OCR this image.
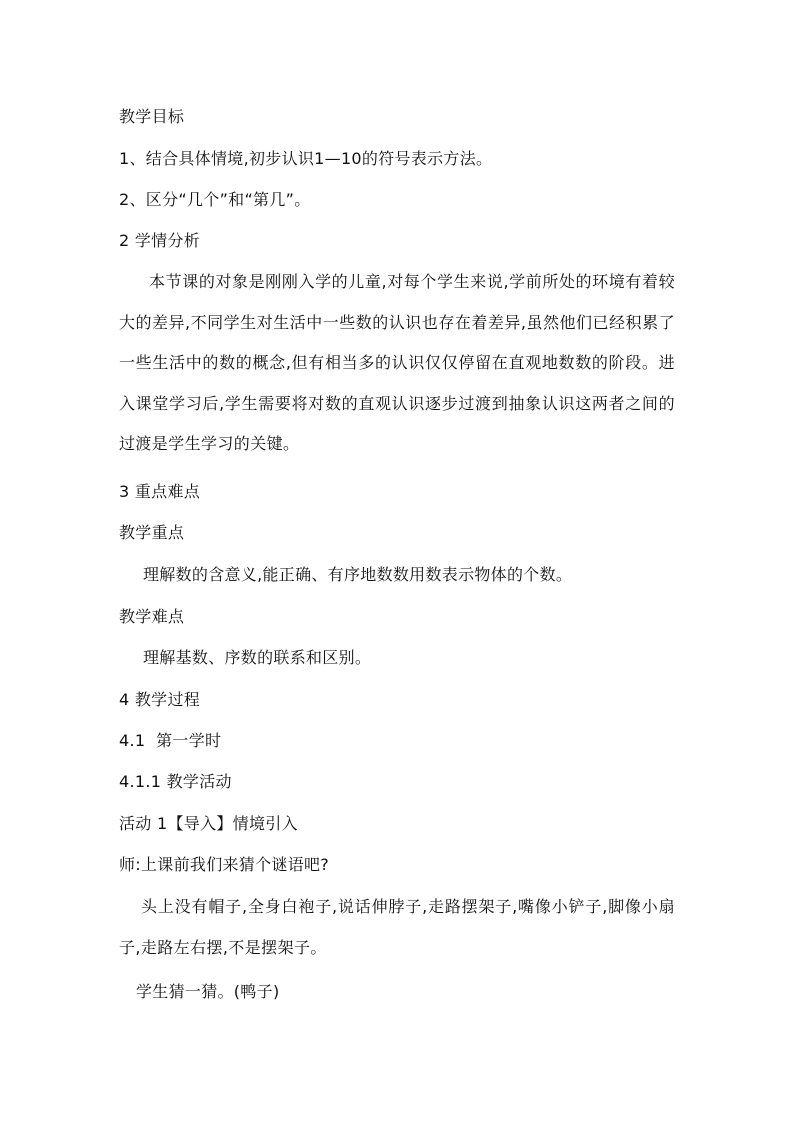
教学目标
1、结合具体情境,初步认识1—10的符号表示方法。
2、区分“几个”和“第几”。
2 学情分析
本节课的对象是刚刚入学的儿童,对每个学生来说,学前所处的环境有着较大的差异,不同学生对生活中一些数的认识也存在着差异,虽然他们已经积累了一些生活中的数的概念,但有相当多的认识仅仅停留在直观地数数的阶段。进入课堂学习后,学生需要将对数的直观认识逐步过渡到抽象认识这两者之间的过渡是学生学习的关键。
3 重点难点
教学重点
理解数的含意义,能正确、有序地数数用数表示物体的个数。
教学难点
理解基数、序数的联系和区别。
4 教学过程
4.1  第一学时
4.1.1 教学活动
活动 1【导入】情境引入
师:上课前我们来猜个谜语吧?
头上没有帽子,全身白袍子,说话伸脖子,走路摆架子,嘴像小铲子,脚像小扇子,走路左右摆,不是摆架子。
学生猜一猜。(鸭子)
